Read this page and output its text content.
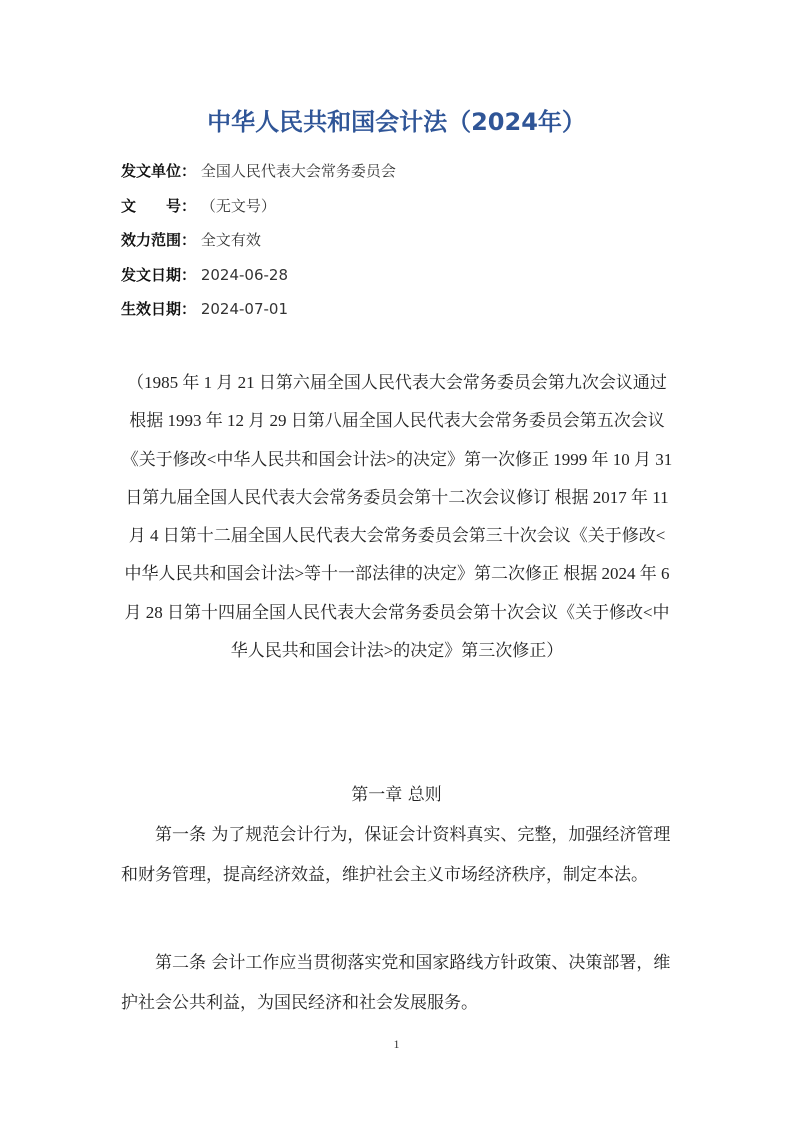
中华人民共和国会计法（2024年）
发文单位： 全国人民代表大会常务委员会
文　　号： （无文号）
效力范围： 全文有效
发文日期： 2024-06-28
生效日期： 2024-07-01

（1985 年 1 月 21 日第六届全国人民代表大会常务委员会第九次会议通过 根据 1993 年 12 月 29 日第八届全国人民代表大会常务委员会第五次会议《关于修改<中华人民共和国会计法>的决定》第一次修正 1999 年 10 月 31 日第九届全国人民代表大会常务委员会第十二次会议修订 根据 2017 年 11 月 4 日第十二届全国人民代表大会常务委员会第三十次会议《关于修改<中华人民共和国会计法>等十一部法律的决定》第二次修正 根据 2024 年 6 月 28 日第十四届全国人民代表大会常务委员会第十次会议《关于修改<中华人民共和国会计法>的决定》第三次修正）

第一章 总则

第一条 为了规范会计行为，保证会计资料真实、完整，加强经济管理和财务管理，提高经济效益，维护社会主义市场经济秩序，制定本法。

第二条 会计工作应当贯彻落实党和国家路线方针政策、决策部署，维护社会公共利益，为国民经济和社会发展服务。

1
